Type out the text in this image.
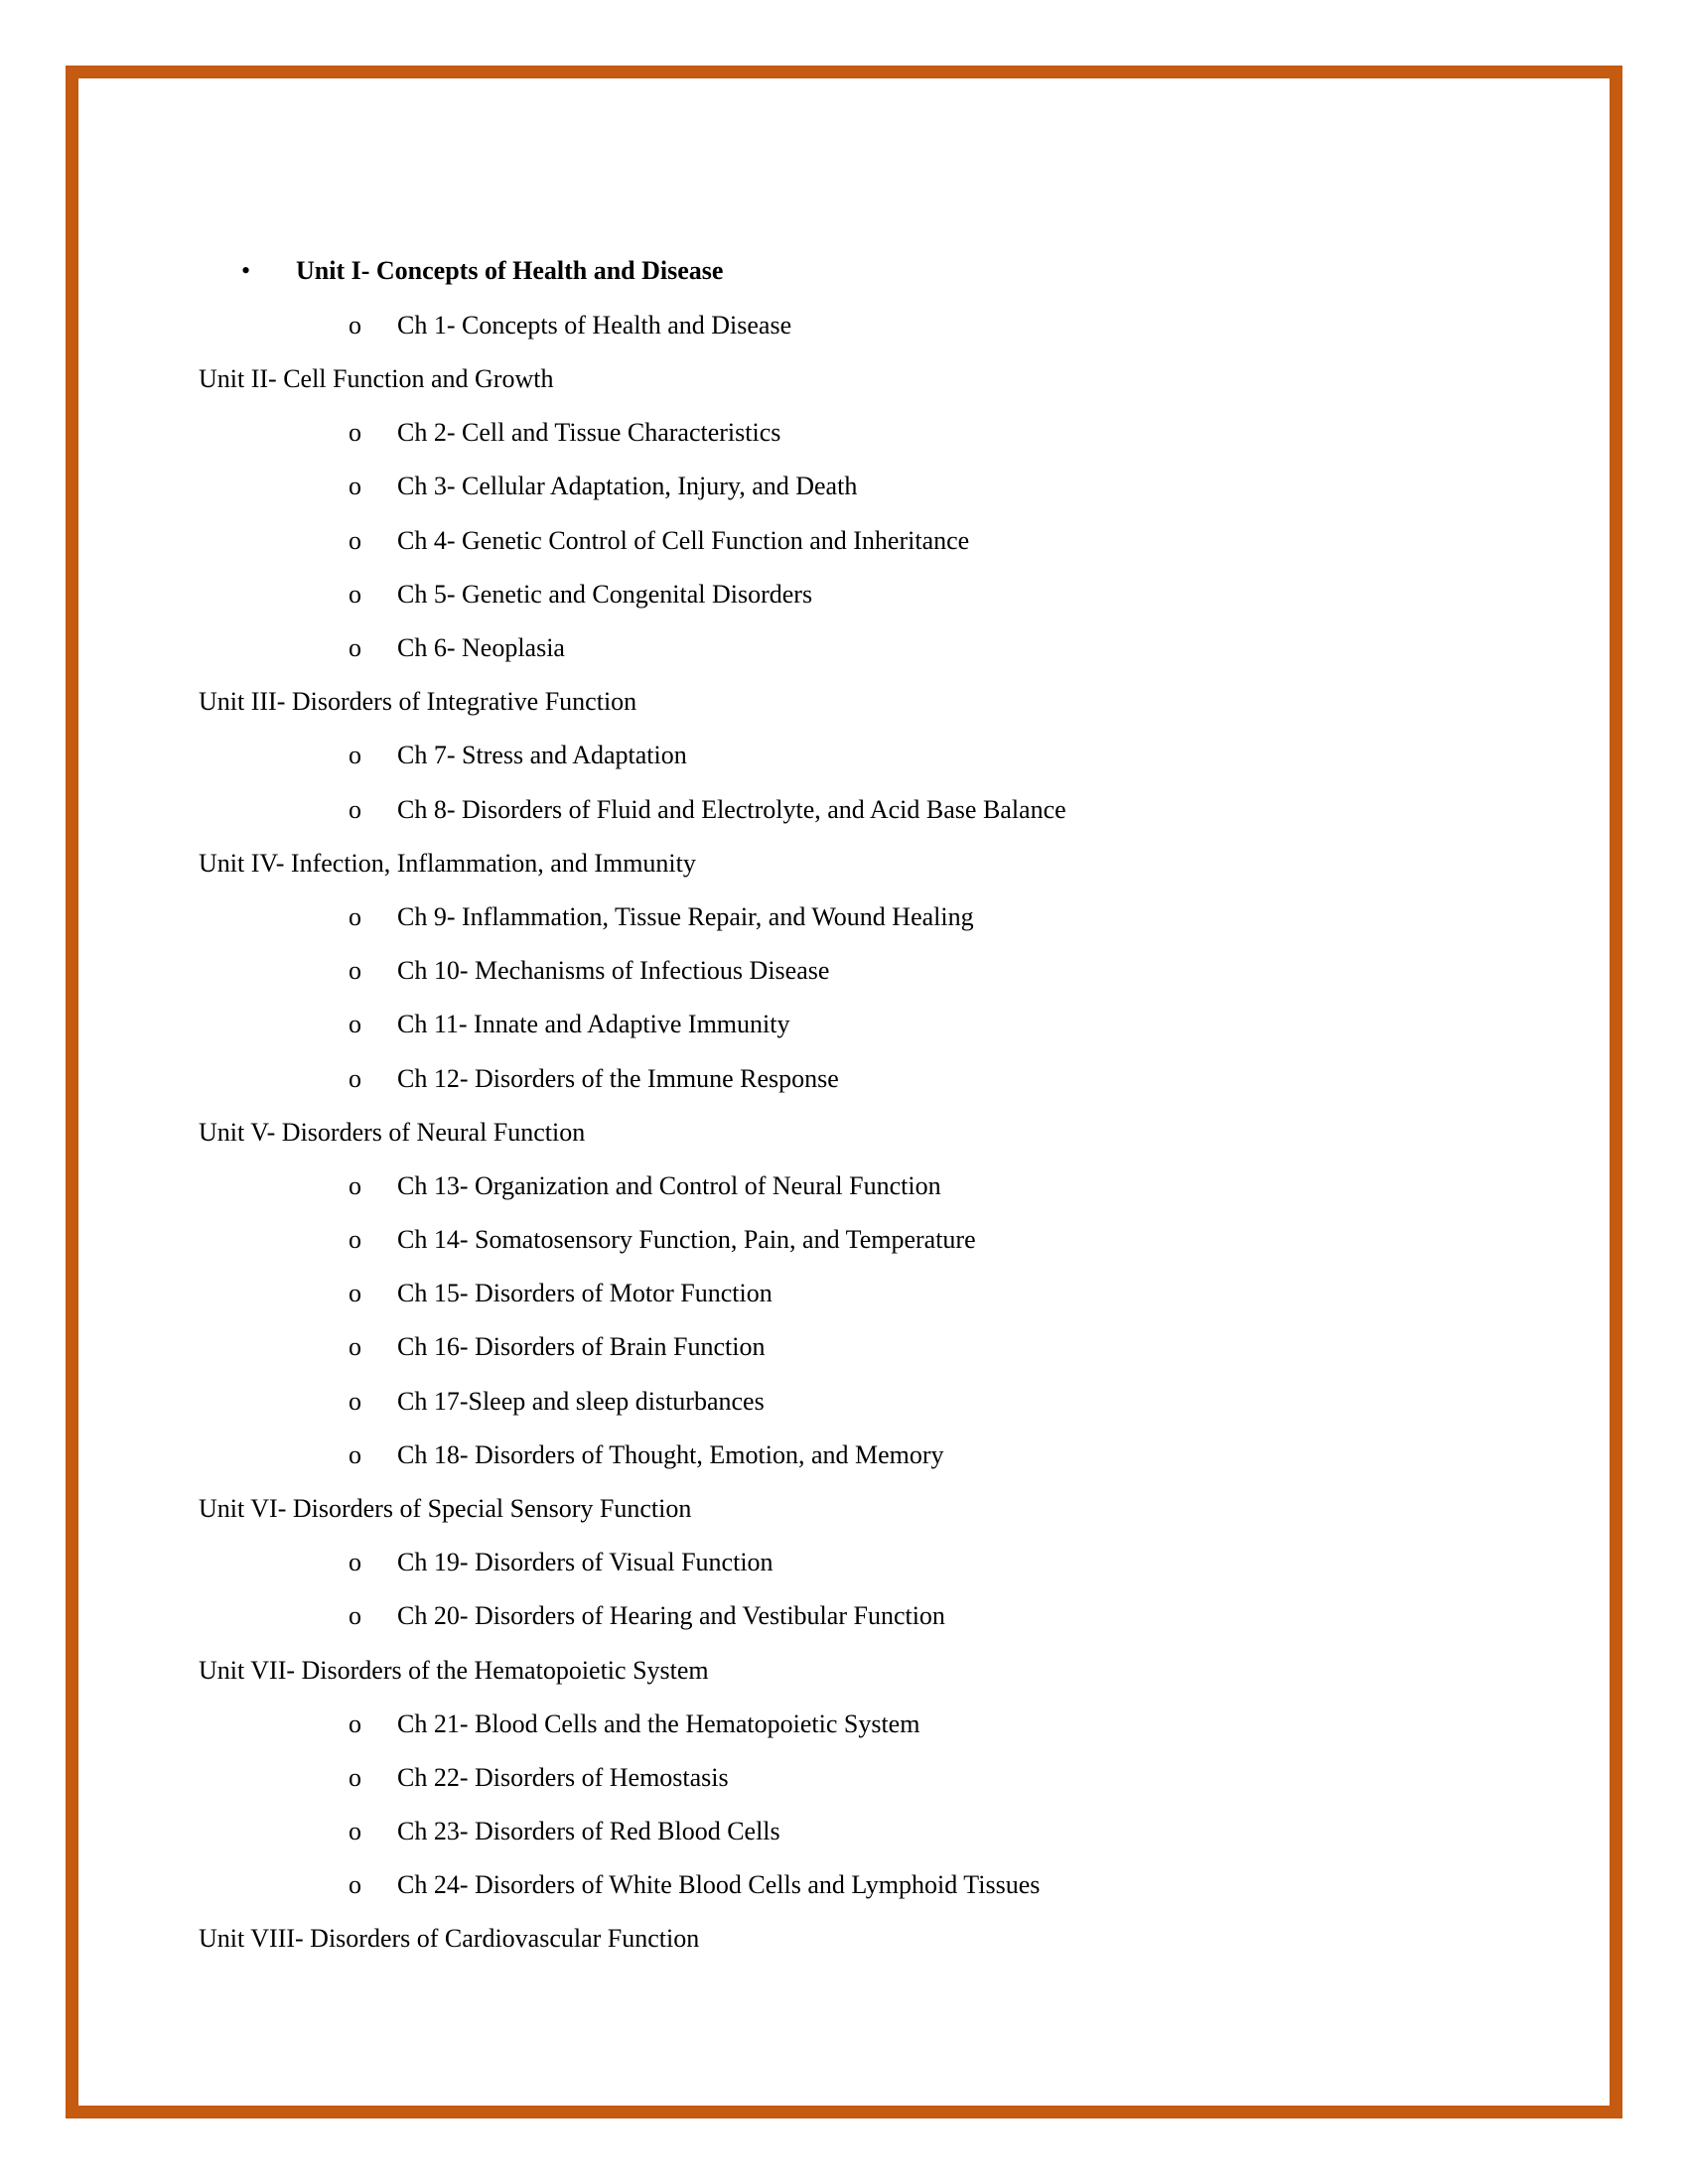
• Unit I- Concepts of Health and Disease
o Ch 1- Concepts of Health and Disease
Unit II- Cell Function and Growth
o Ch 2- Cell and Tissue Characteristics
o Ch 3- Cellular Adaptation, Injury, and Death
o Ch 4- Genetic Control of Cell Function and Inheritance
o Ch 5- Genetic and Congenital Disorders
o Ch 6- Neoplasia
Unit III- Disorders of Integrative Function
o Ch 7- Stress and Adaptation
o Ch 8- Disorders of Fluid and Electrolyte, and Acid Base Balance
Unit IV- Infection, Inflammation, and Immunity
o Ch 9- Inflammation, Tissue Repair, and Wound Healing
o Ch 10- Mechanisms of Infectious Disease
o Ch 11- Innate and Adaptive Immunity
o Ch 12- Disorders of the Immune Response
Unit V- Disorders of Neural Function
o Ch 13- Organization and Control of Neural Function
o Ch 14- Somatosensory Function, Pain, and Temperature
o Ch 15- Disorders of Motor Function
o Ch 16- Disorders of Brain Function
o Ch 17-Sleep and sleep disturbances
o Ch 18- Disorders of Thought, Emotion, and Memory
Unit VI- Disorders of Special Sensory Function
o Ch 19- Disorders of Visual Function
o Ch 20- Disorders of Hearing and Vestibular Function
Unit VII- Disorders of the Hematopoietic System
o Ch 21- Blood Cells and the Hematopoietic System
o Ch 22- Disorders of Hemostasis
o Ch 23- Disorders of Red Blood Cells
o Ch 24- Disorders of White Blood Cells and Lymphoid Tissues
Unit VIII- Disorders of Cardiovascular Function
